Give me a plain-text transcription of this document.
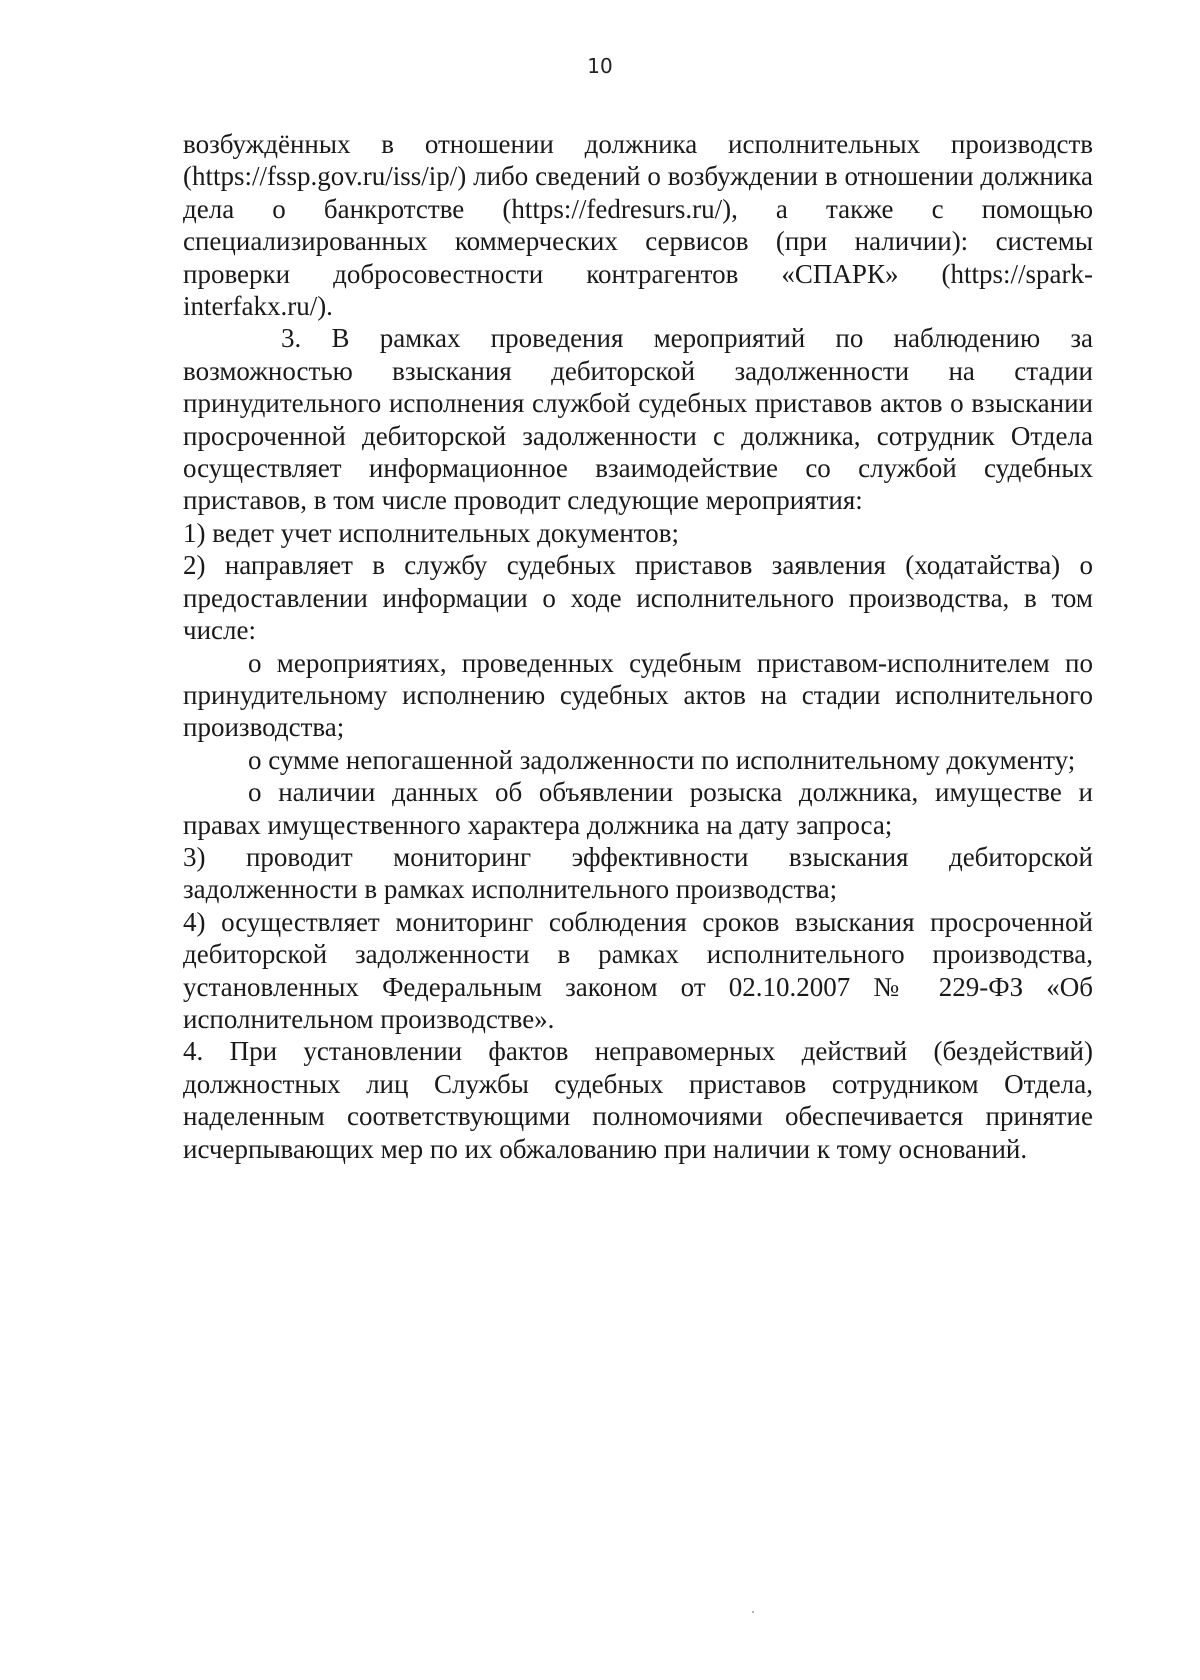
10

возбуждённых в отношении должника исполнительных производств (https://fssp.gov.ru/iss/ip/) либо сведений о возбуждении в отношении должника дела о банкротстве (https://fedresurs.ru/), а также с помощью специализированных коммерческих сервисов (при наличии): системы проверки добросовестности контрагентов «СПАРК» (https://spark-interfakx.ru/).

3. В рамках проведения мероприятий по наблюдению за возможностью взыскания дебиторской задолженности на стадии принудительного исполнения службой судебных приставов актов о взыскании просроченной дебиторской задолженности с должника, сотрудник Отдела осуществляет информационное взаимодействие со службой судебных приставов, в том числе проводит следующие мероприятия:

1) ведет учет исполнительных документов;

2) направляет в службу судебных приставов заявления (ходатайства) о предоставлении информации о ходе исполнительного производства, в том числе:

о мероприятиях, проведенных судебным приставом-исполнителем по принудительному исполнению судебных актов на стадии исполнительного производства;

о сумме непогашенной задолженности по исполнительному документу;

о наличии данных об объявлении розыска должника, имуществе и правах имущественного характера должника на дату запроса;

3) проводит мониторинг эффективности взыскания дебиторской задолженности в рамках исполнительного производства;

4) осуществляет мониторинг соблюдения сроков взыскания просроченной дебиторской задолженности в рамках исполнительного производства, установленных Федеральным законом от 02.10.2007 № 229-ФЗ «Об исполнительном производстве».

4. При установлении фактов неправомерных действий (бездействий) должностных лиц Службы судебных приставов сотрудником Отдела, наделенным соответствующими полномочиями обеспечивается принятие исчерпывающих мер по их обжалованию при наличии к тому оснований.
